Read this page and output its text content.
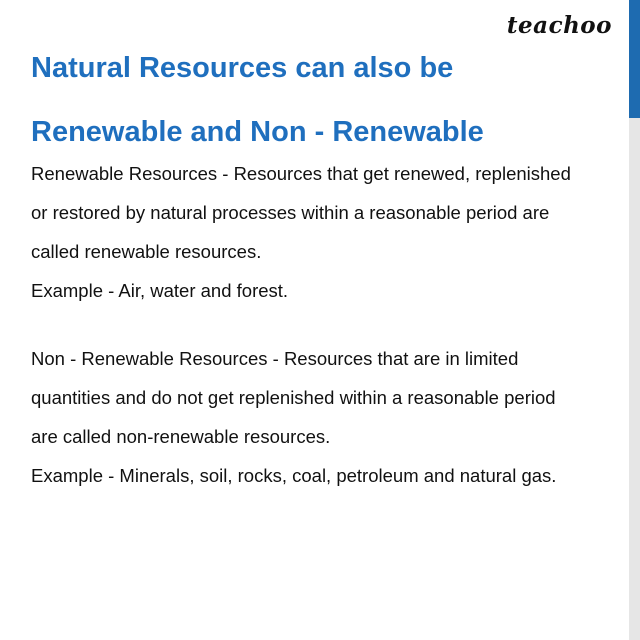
teachoo
Natural Resources can also be
Renewable and Non - Renewable
Renewable Resources - Resources that get renewed, replenished
or restored by natural processes within a reasonable period are
called renewable resources.
Example - Air, water and forest.
Non - Renewable Resources - Resources that are in limited
quantities and do not get replenished within a reasonable period
are called non-renewable resources.
Example - Minerals, soil, rocks, coal, petroleum and natural gas.
